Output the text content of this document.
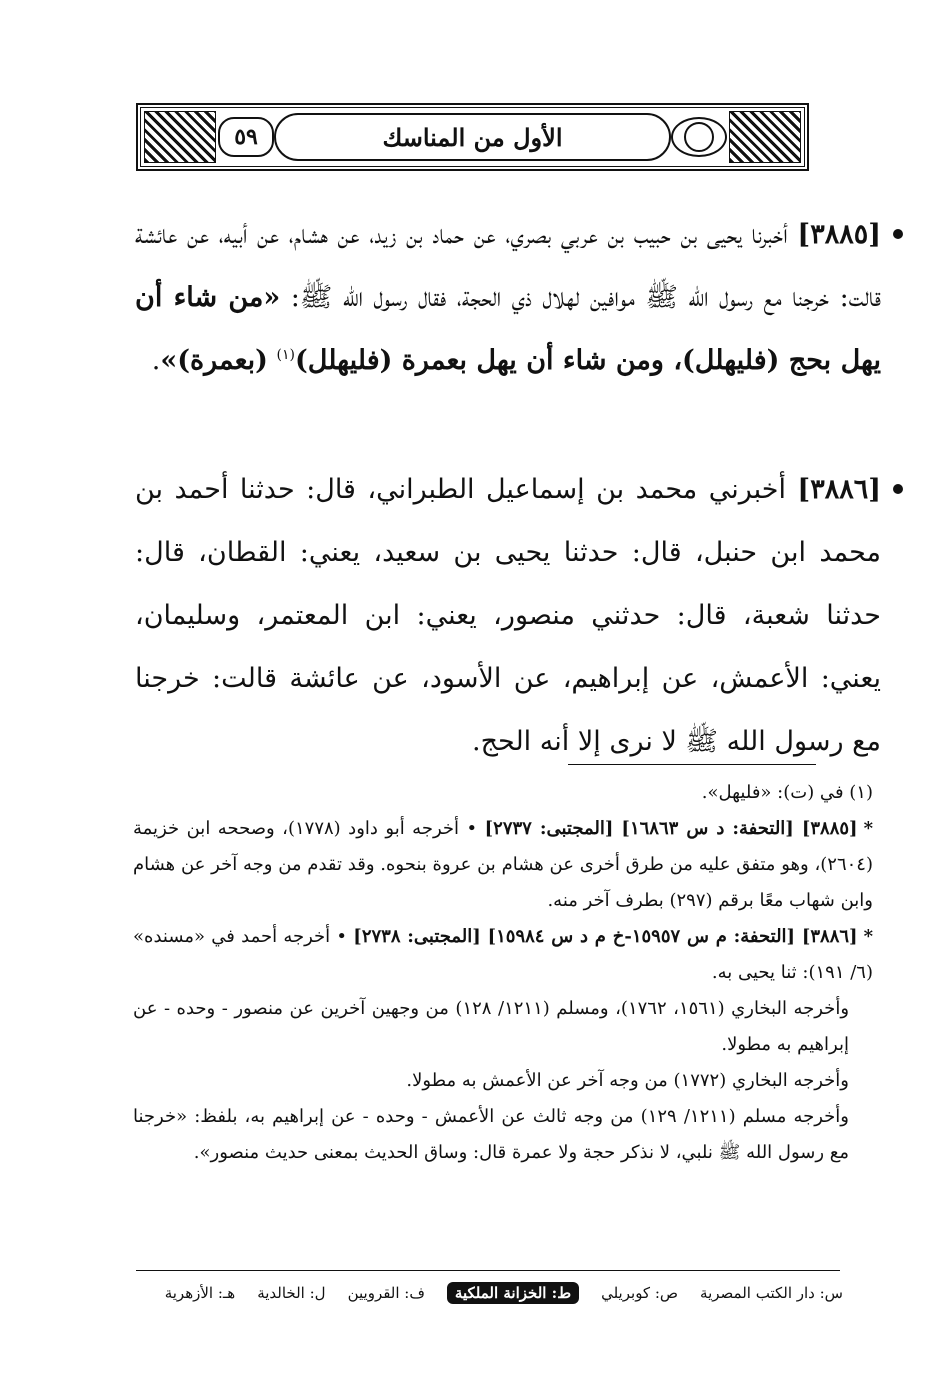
٥٩	الأول من المناسك
[٣٨٨٥] أخبرنا يحيى بن حبيب بن عربي بصري، عن حماد بن زيد، عن هشام، عن أبيه، عن عائشة قالت: خرجنا مع رسول الله ﷺ موافين لهلال ذي الحجة، فقال رسول الله ﷺ: «من شاء أن يهل بحج (فليهلل)، ومن شاء أن يهل بعمرة (فليهلل)$^{(١)}$ (بعمرة)».
[٣٨٨٦] أخبرني محمد بن إسماعيل الطبراني، قال: حدثنا أحمد بن محمد ابن حنبل، قال: حدثنا يحيى بن سعيد، يعني: القطان، قال: حدثنا شعبة، قال: حدثني منصور، يعني: ابن المعتمر، وسليمان، يعني: الأعمش، عن إبراهيم، عن الأسود، عن عائشة قالت: خرجنا مع رسول الله ﷺ لا نرى إلا أنه الحج.

(١) في (ت): «فليهل».

*[٣٨٨٥] [التحفة: د س ١٦٨٦٣] [المجتبى: ٢٧٣٧] • أخرجه أبو داود (١٧٧٨)، وصححه ابن خزيمة (٢٦٠٤)، وهو متفق عليه من طرق أخرى عن هشام بن عروة بنحوه. وقد تقدم من وجه آخر عن هشام وابن شهاب معًا برقم (٢٩٧) بطرف آخر منه.

*[٣٨٨٦] [التحفة: م س ١٥٩٥٧-خ م د س ١٥٩٨٤] [المجتبى: ٢٧٣٨] • أخرجه أحمد في «مسنده» (٦/ ١٩١): ثنا يحيى به.

وأخرجه البخاري (١٥٦١، ١٧٦٢)، ومسلم (١٢١١/ ١٢٨) من وجهين آخرين عن منصور - وحده - عن إبراهيم به مطولا.

وأخرجه البخاري (١٧٧٢) من وجه آخر عن الأعمش به مطولا.

وأخرجه مسلم (١٢١١/ ١٢٩) من وجه ثالث عن الأعمش - وحده - عن إبراهيم به، بلفظ: «خرجنا مع رسول الله ﷺ نلبي، لا نذكر حجة ولا عمرة قال: وساق الحديث بمعنى حديث منصور».

س: دار الكتب المصرية
ص: كوبريلي
ط: الخزانة الملكية
ف: القرويين
ل: الخالدية
هـ: الأزهرية
